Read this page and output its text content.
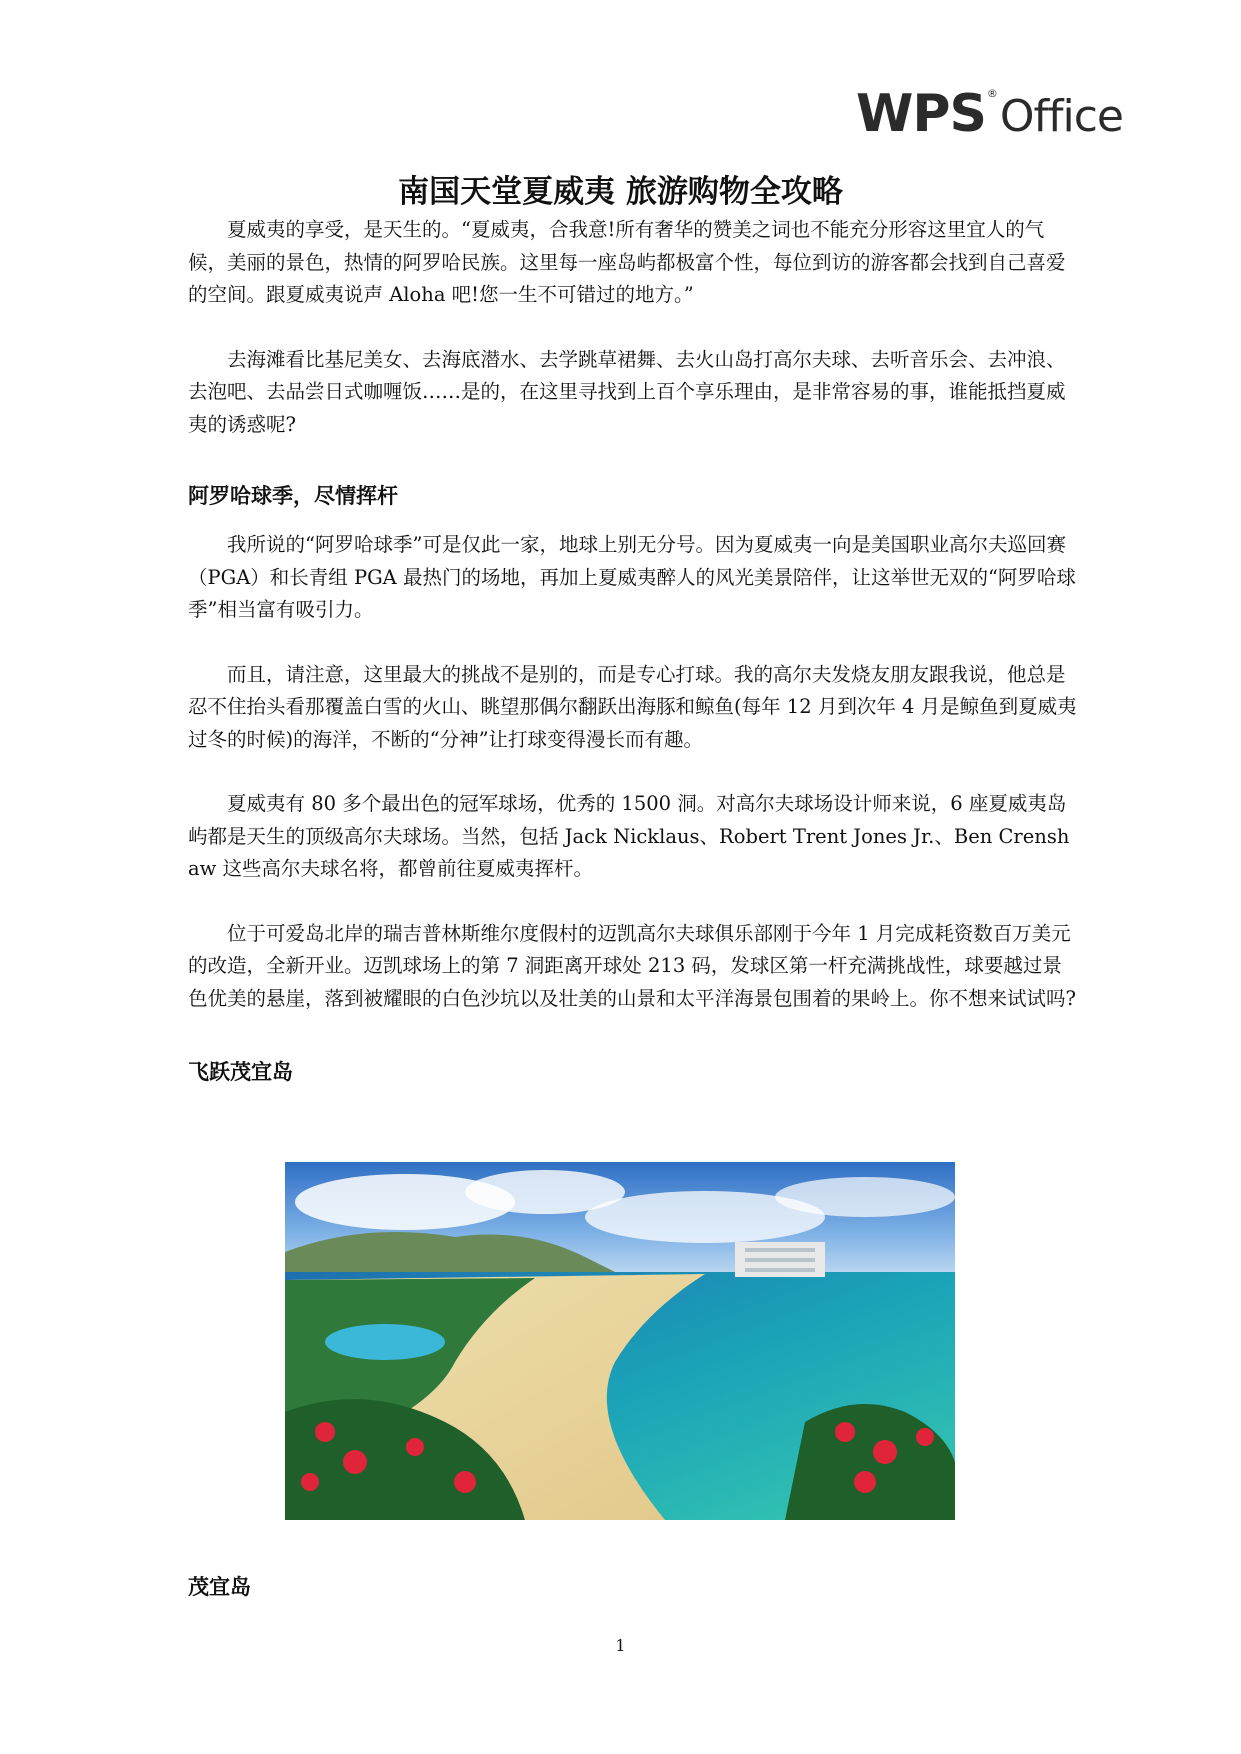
WPS ® Office
南国天堂夏威夷 旅游购物全攻略

夏威夷的享受，是天生的。“夏威夷，合我意!所有奢华的赞美之词也不能充分形容这里宜人的气候，美丽的景色，热情的阿罗哈民族。这里每一座岛屿都极富个性，每位到访的游客都会找到自己喜爱的空间。跟夏威夷说声 Aloha 吧!您一生不可错过的地方。”

去海滩看比基尼美女、去海底潜水、去学跳草裙舞、去火山岛打高尔夫球、去听音乐会、去冲浪、去泡吧、去品尝日式咖喱饭……是的，在这里寻找到上百个享乐理由，是非常容易的事，谁能抵挡夏威夷的诱惑呢?

阿罗哈球季，尽情挥杆

我所说的“阿罗哈球季”可是仅此一家，地球上别无分号。因为夏威夷一向是美国职业高尔夫巡回赛（PGA）和长青组 PGA 最热门的场地，再加上夏威夷醉人的风光美景陪伴，让这举世无双的“阿罗哈球季”相当富有吸引力。

而且，请注意，这里最大的挑战不是别的，而是专心打球。我的高尔夫发烧友朋友跟我说，他总是忍不住抬头看那覆盖白雪的火山、眺望那偶尔翻跃出海豚和鲸鱼(每年 12 月到次年 4 月是鲸鱼到夏威夷过冬的时候)的海洋，不断的“分神”让打球变得漫长而有趣。

夏威夷有 80 多个最出色的冠军球场，优秀的 1500 洞。对高尔夫球场设计师来说，6 座夏威夷岛屿都是天生的顶级高尔夫球场。当然，包括 Jack Nicklaus、Robert Trent Jones Jr.、Ben Crenshaw 这些高尔夫球名将，都曾前往夏威夷挥杆。

位于可爱岛北岸的瑞吉普林斯维尔度假村的迈凯高尔夫球俱乐部刚于今年 1 月完成耗资数百万美元的改造，全新开业。迈凯球场上的第 7 洞距离开球处 213 码，发球区第一杆充满挑战性，球要越过景色优美的悬崖，落到被耀眼的白色沙坑以及壮美的山景和太平洋海景包围着的果岭上。你不想来试试吗?

飞跃茂宜岛
茂宜岛
1
